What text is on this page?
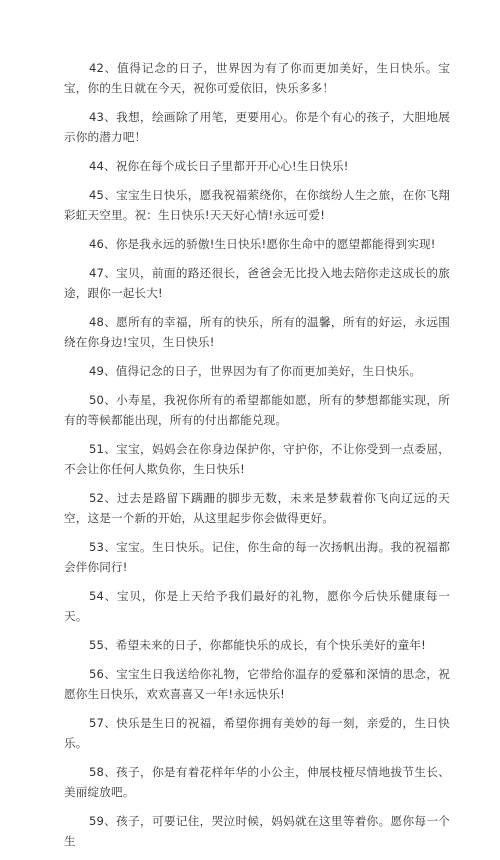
42、值得记念的日子，世界因为有了你而更加美好，生日快乐。宝宝，你的生日就在今天，祝你可爱依旧，快乐多多！

43、我想，绘画除了用笔，更要用心。你是个有心的孩子，大胆地展示你的潜力吧！

44、祝你在每个成长日子里都开开心心!生日快乐!

45、宝宝生日快乐，愿我祝福萦绕你，在你缤纷人生之旅，在你飞翔彩虹天空里。祝：生日快乐!天天好心情!永远可爱!

46、你是我永远的骄傲!生日快乐!愿你生命中的愿望都能得到实现!

47、宝贝，前面的路还很长，爸爸会无比投入地去陪你走这成长的旅途，跟你一起长大!

48、愿所有的幸福，所有的快乐，所有的温馨，所有的好运，永远围绕在你身边!宝贝，生日快乐!

49、值得记念的日子，世界因为有了你而更加美好，生日快乐。

50、小寿星，我祝你所有的希望都能如愿，所有的梦想都能实现，所有的等候都能出现，所有的付出都能兑现。

51、宝宝，妈妈会在你身边保护你，守护你，不让你受到一点委屈，不会让你任何人欺负你，生日快乐!

52、过去是路留下蹒跚的脚步无数，未来是梦载着你飞向辽远的天空，这是一个新的开始，从这里起步你会做得更好。

53、宝宝。生日快乐。记住，你生命的每一次扬帆出海。我的祝福都会伴你同行!

54、宝贝，你是上天给予我们最好的礼物，愿你今后快乐健康每一天。

55、希望未来的日子，你都能快乐的成长，有个快乐美好的童年!

56、宝宝生日我送给你礼物，它带给你温存的爱慕和深情的思念，祝愿你生日快乐，欢欢喜喜又一年!永远快乐!

57、快乐是生日的祝福，希望你拥有美妙的每一刻，亲爱的，生日快乐。

58、孩子，你是有着花样年华的小公主，伸展枝桠尽情地拔节生长、美丽绽放吧。

59、孩子，可要记住，哭泣时候，妈妈就在这里等着你。愿你每一个生
